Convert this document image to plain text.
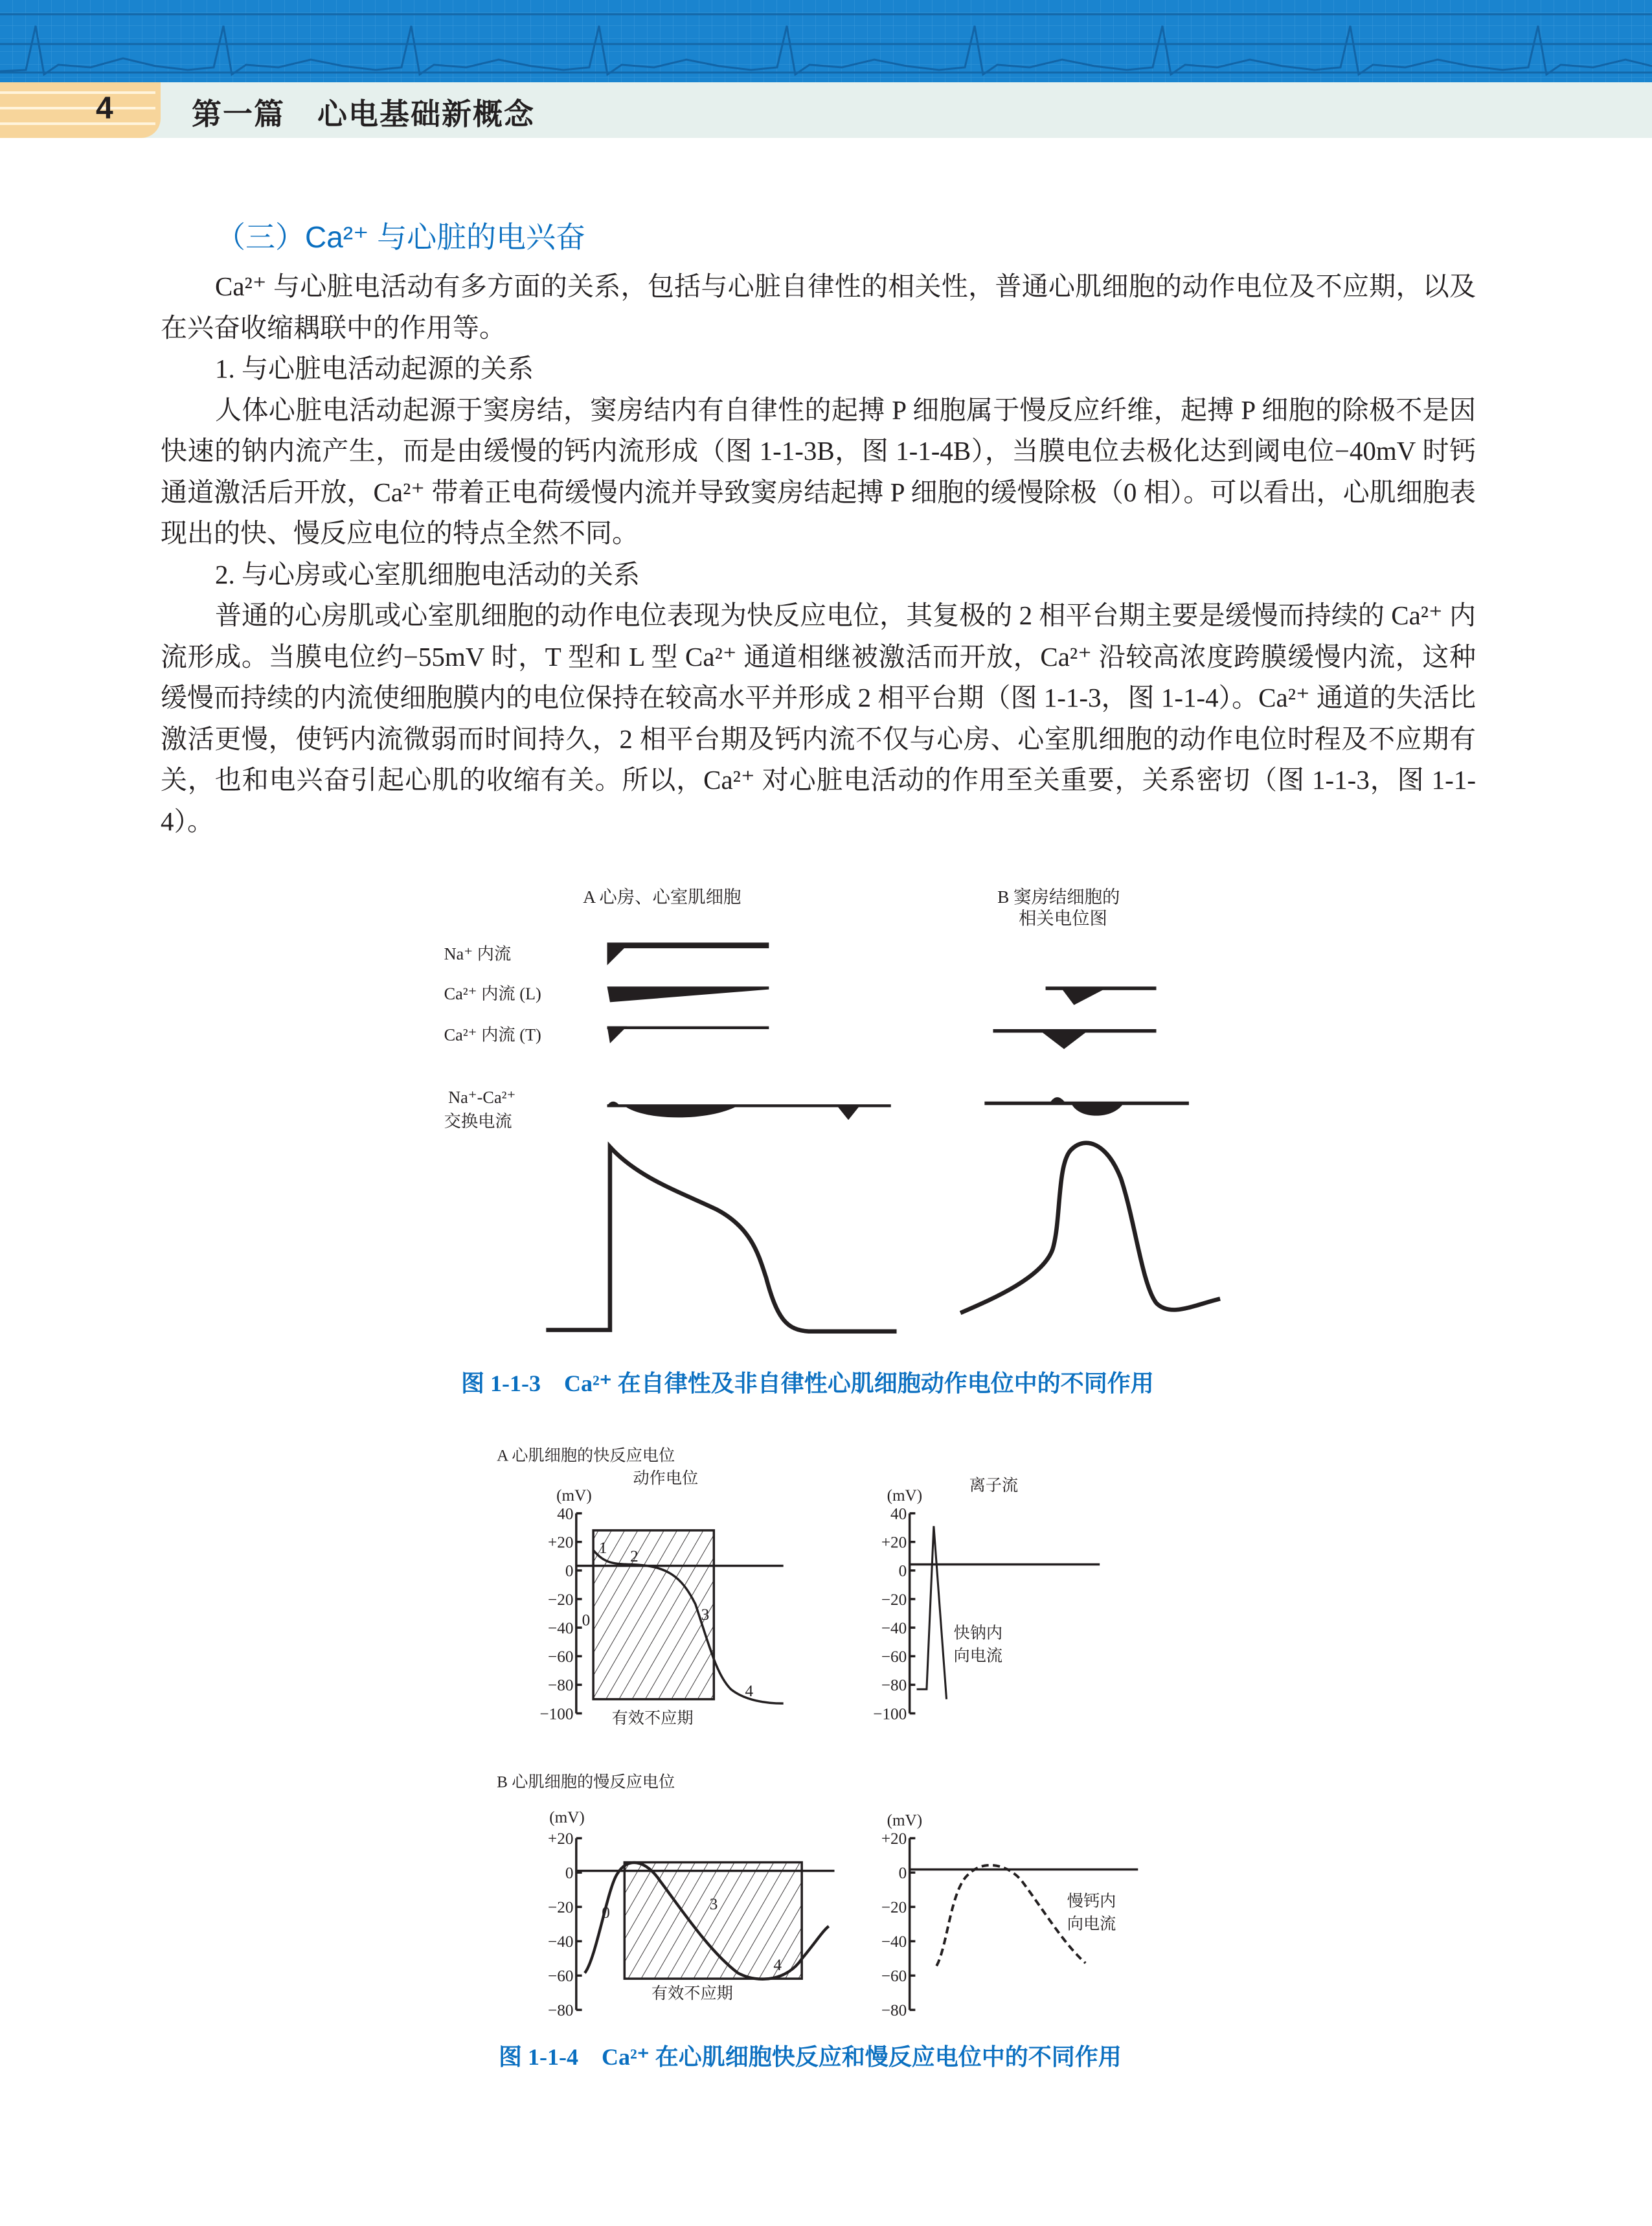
4	第一篇 心电基础新概念
（三）Ca²⁺ 与心脏的电兴奋

Ca²⁺ 与心脏电活动有多方面的关系，包括与心脏自律性的相关性，普通心肌细胞的动作电位及不应期，以及在兴奋收缩耦联中的作用等。

1. 与心脏电活动起源的关系

人体心脏电活动起源于窦房结，窦房结内有自律性的起搏 P 细胞属于慢反应纤维，起搏 P 细胞的除极不是因快速的钠内流产生，而是由缓慢的钙内流形成（图 1-1-3B，图 1-1-4B），当膜电位去极化达到阈电位−40mV 时钙通道激活后开放，Ca²⁺ 带着正电荷缓慢内流并导致窦房结起搏 P 细胞的缓慢除极（0 相）。可以看出，心肌细胞表现出的快、慢反应电位的特点全然不同。

2. 与心房或心室肌细胞电活动的关系

普通的心房肌或心室肌细胞的动作电位表现为快反应电位，其复极的 2 相平台期主要是缓慢而持续的 Ca²⁺ 内流形成。当膜电位约−55mV 时，T 型和 L 型 Ca²⁺ 通道相继被激活而开放，Ca²⁺ 沿较高浓度跨膜缓慢内流，这种缓慢而持续的内流使细胞膜内的电位保持在较高水平并形成 2 相平台期（图 1-1-3，图 1-1-4）。Ca²⁺ 通道的失活比激活更慢，使钙内流微弱而时间持久，2 相平台期及钙内流不仅与心房、心室肌细胞的动作电位时程及不应期有关，也和电兴奋引起心肌的收缩有关。所以，Ca²⁺ 对心脏电活动的作用至关重要，关系密切（图 1-1-3，图 1-1-4）。

A 心房、心室肌细胞	B 窦房结细胞的
相关电位图
Na⁺ 内流
Ca²⁺ 内流 (L)
Ca²⁺ 内流 (T)
Na⁺-Ca²⁺
交换电流
图 1-1-3　Ca²⁺ 在自律性及非自律性心肌细胞动作电位中的不同作用
A 心肌细胞的快反应电位
动作电位	离子流
(mV)	(mV)
B 心肌细胞的慢反应电位
(mV)	(mV)
40
+20
0
−20
−40
−60
−80
−100
40
+20
0
−20
−40
−60
−80
−100
+20
0
−20
−40
−60
−80
+20
0
−20
−40
−60
−80
0
1	2
3
4
有效不应期
快钠内
向电流
0	3
4
有效不应期
慢钙内
向电流
图 1-1-4　Ca²⁺ 在心肌细胞快反应和慢反应电位中的不同作用
